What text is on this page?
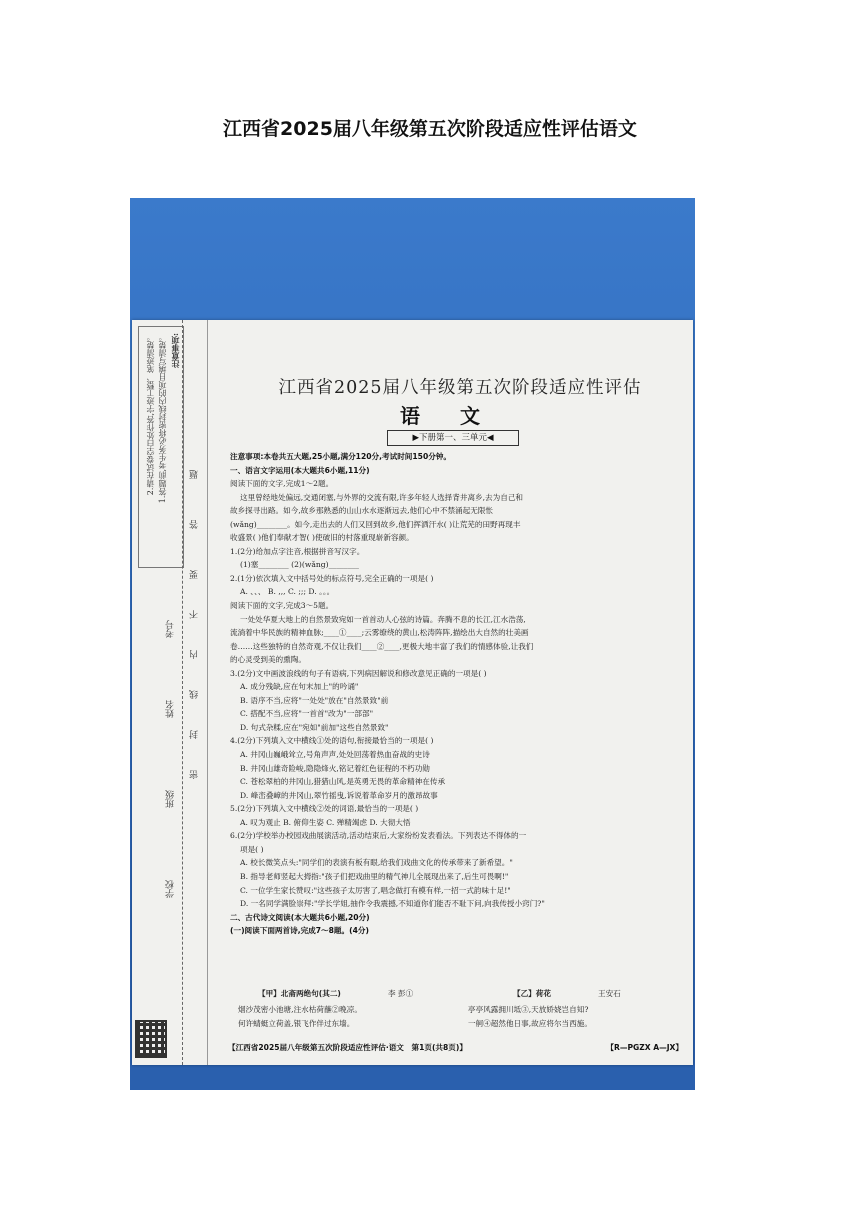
江西省2025届八年级第五次阶段适应性评估语文
注意事项:
1.答题前,考生务必将密封线内的项目填写清楚。
2.请在试卷空白处作答,字迹工整、笔迹清楚。
学校
班级
姓名
考号
密
封
线
内
不
要
答
题
江西省2025届八年级第五次阶段适应性评估
语文
▶下册第一、三单元◀
注意事项:本卷共五大题,25小题,满分120分,考试时间150分钟。
一、语言文字运用(本大题共6小题,11分)
阅读下面的文字,完成1～2题。
这里曾经地处偏远,交通闭塞,与外界的交流有限,许多年轻人选择背井离乡,去为自己和
故乡探寻出路。如今,故乡那熟悉的山山水水逐渐远去,他们心中不禁涌起无限怅
(wǎng)________。如今,走出去的人们又回到故乡,他们挥洒汗水( )让荒芜的田野再现丰
收盛景( )他们奉献才智( )使破旧的村落重现崭新容颜。
1.(2分)给加点字注音,根据拼音写汉字。
(1)塞________ (2)(wǎng)________
2.(1分)依次填入文中括号处的标点符号,完全正确的一项是( )
A. 、、、 B. ,,, C. ;;; D. 。。。
阅读下面的文字,完成3～5题。
一处处华夏大地上的自然景致宛如一首首动人心弦的诗篇。奔腾不息的长江,江水浩荡,
流淌着中华民族的精神血脉;____①____;云雾缭绕的黄山,松涛阵阵,描绘出大自然的壮美画
卷……这些独特的自然奇观,不仅让我们____②____,更极大地丰富了我们的情感体验,让我们
的心灵受到美的熏陶。
3.(2分)文中画波浪线的句子有语病,下列病因解说和修改意见正确的一项是( )
A. 成分残缺,应在句末加上"的吟诵"
B. 语序不当,应将"一处处"放在"自然景致"前
C. 搭配不当,应将"一首首"改为"一部部"
D. 句式杂糅,应在"宛如"前加"这些自然景致"
4.(2分)下列填入文中横线①处的语句,衔接最恰当的一项是( )
A. 井冈山巍峨耸立,号角声声,处处回荡着热血奋战的史诗
B. 井冈山雄奇险峻,隐隐烽火,铭记着红色征程的不朽功勋
C. 苍松翠柏的井冈山,猎猎山风,是英勇无畏的革命精神在传承
D. 峰峦叠嶂的井冈山,翠竹摇曳,诉说着革命岁月的激昂故事
5.(2分)下列填入文中横线②处的词语,最恰当的一项是( )
A. 叹为观止 B. 俯仰生姿 C. 殚精竭虑 D. 大彻大悟
6.(2分)学校举办校园戏曲展演活动,活动结束后,大家纷纷发表看法。下列表达不得体的一
项是( )
A. 校长微笑点头:"同学们的表演有板有眼,给我们戏曲文化的传承带来了新希望。"
B. 指导老师竖起大拇指:"孩子们把戏曲里的精气神儿全展现出来了,后生可畏啊!"
C. 一位学生家长赞叹:"这些孩子太厉害了,唱念做打有模有样,一招一式韵味十足!"
D. 一名同学满脸崇拜:"学长学姐,抽作令我震撼,不知道你们能否不耻下问,向我传授小窍门?"
二、古代诗文阅读(本大题共6小题,20分)
(一)阅读下面两首诗,完成7～8题。(4分)
【甲】北斋两绝句(其二)	李 彭①
烟沙茂密小池塘,注水枯荷蘸②晚凉。
何许蜻蜓立荷盖,银飞作伴过东墙。
【乙】荷花	王安石
亭亭风露拥川坻③,天放娇娆岂自知?
一舸④超然他日事,故应将尔当西施。
【江西省2025届八年级第五次阶段适应性评估·语文　第1页(共8页)】	【R—PGZX A—JX】
